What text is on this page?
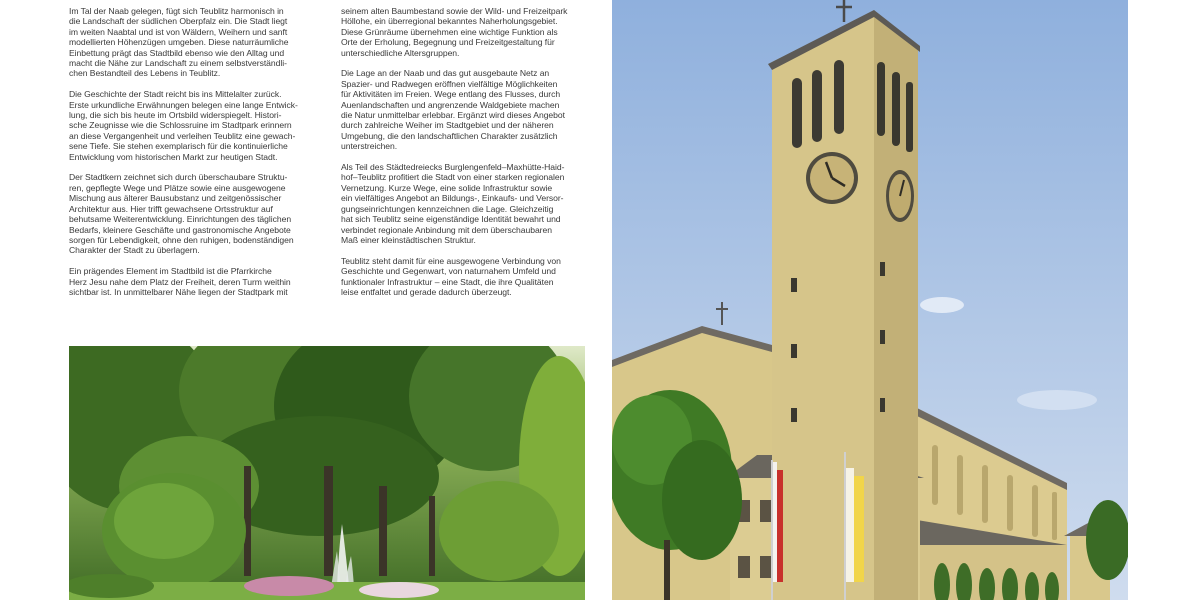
Im Tal der Naab gelegen, fügt sich Teublitz harmonisch in
die Landschaft der südlichen Oberpfalz ein. Die Stadt liegt
im weiten Naabtal und ist von Wäldern, Weihern und sanft
modellierten Höhenzügen umgeben. Diese naturräumliche
Einbettung prägt das Stadtbild ebenso wie den Alltag und
macht die Nähe zur Landschaft zu einem selbstverständli-
chen Bestandteil des Lebens in Teublitz.

Die Geschichte der Stadt reicht bis ins Mittelalter zurück.
Erste urkundliche Erwähnungen belegen eine lange Entwick-
lung, die sich bis heute im Ortsbild widerspiegelt. Histori-
sche Zeugnisse wie die Schlossruine im Stadtpark erinnern
an diese Vergangenheit und verleihen Teublitz eine gewach-
sene Tiefe. Sie stehen exemplarisch für die kontinuierliche
Entwicklung vom historischen Markt zur heutigen Stadt.

Der Stadtkern zeichnet sich durch überschaubare Struktu-
ren, gepflegte Wege und Plätze sowie eine ausgewogene
Mischung aus älterer Bausubstanz und zeitgenössischer
Architektur aus. Hier trifft gewachsene Ortsstruktur auf
behutsame Weiterentwicklung. Einrichtungen des täglichen
Bedarfs, kleinere Geschäfte und gastronomische Angebote
sorgen für Lebendigkeit, ohne den ruhigen, bodenständigen
Charakter der Stadt zu überlagern.

Ein prägendes Element im Stadtbild ist die Pfarrkirche
Herz Jesu nahe dem Platz der Freiheit, deren Turm weithin
sichtbar ist. In unmittelbarer Nähe liegen der Stadtpark mit

seinem alten Baumbestand sowie der Wild- und Freizeitpark
Höllohe, ein überregional bekanntes Naherholungsgebiet.
Diese Grünräume übernehmen eine wichtige Funktion als
Orte der Erholung, Begegnung und Freizeitgestaltung für
unterschiedliche Altersgruppen.

Die Lage an der Naab und das gut ausgebaute Netz an
Spazier- und Radwegen eröffnen vielfältige Möglichkeiten
für Aktivitäten im Freien. Wege entlang des Flusses, durch
Auenlandschaften und angrenzende Waldgebiete machen
die Natur unmittelbar erlebbar. Ergänzt wird dieses Angebot
durch zahlreiche Weiher im Stadtgebiet und der näheren
Umgebung, die den landschaftlichen Charakter zusätzlich
unterstreichen.

Als Teil des Städtedreiecks Burglengenfeld–Maxhütte-Haid-
hof–Teublitz profitiert die Stadt von einer starken regionalen
Vernetzung. Kurze Wege, eine solide Infrastruktur sowie
ein vielfältiges Angebot an Bildungs-, Einkaufs- und Versor-
gungseinrichtungen kennzeichnen die Lage. Gleichzeitig
hat sich Teublitz seine eigenständige Identität bewahrt und
verbindet regionale Anbindung mit dem überschaubaren
Maß einer kleinstädtischen Struktur.

Teublitz steht damit für eine ausgewogene Verbindung von
Geschichte und Gegenwart, von naturnahem Umfeld und
funktionaler Infrastruktur – eine Stadt, die ihre Qualitäten
leise entfaltet und gerade dadurch überzeugt.
